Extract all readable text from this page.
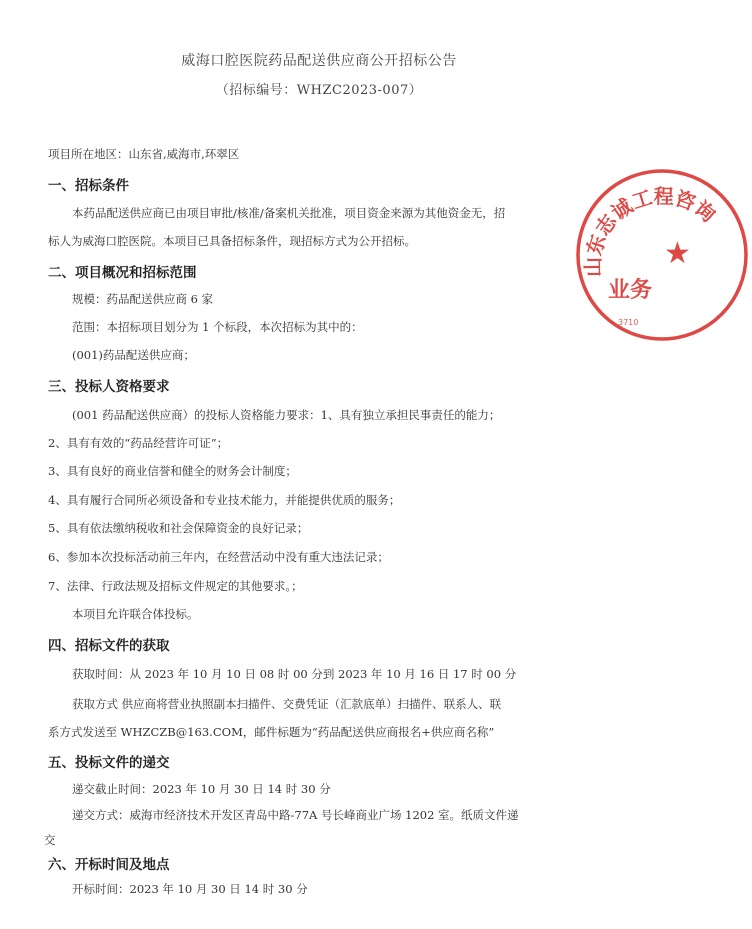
威海口腔医院药品配送供应商公开招标公告
（招标编号：WHZC2023-007）
项目所在地区：山东省,威海市,环翠区
一、招标条件
本药品配送供应商已由项目审批/核准/备案机关批准，项目资金来源为其他资金无，招
标人为威海口腔医院。本项目已具备招标条件，现招标方式为公开招标。
二、项目概况和招标范围
规模：药品配送供应商 6 家
范围：本招标项目划分为 1 个标段，本次招标为其中的：
(001)药品配送供应商；
三、投标人资格要求
(001 药品配送供应商）的投标人资格能力要求：1、具有独立承担民事责任的能力；
2、具有有效的“药品经营许可证”；
3、具有良好的商业信誉和健全的财务会计制度；
4、具有履行合同所必须设备和专业技术能力，并能提供优质的服务；
5、具有依法缴纳税收和社会保障资金的良好记录；
6、参加本次投标活动前三年内，在经营活动中没有重大违法记录；
7、法律、行政法规及招标文件规定的其他要求。；
本项目允许联合体投标。
四、招标文件的获取
获取时间：从 2023 年 10 月 10 日 08 时 00 分到 2023 年 10 月 16 日 17 时 00 分
获取方式 供应商将营业执照副本扫描件、交费凭证（汇款底单）扫描件、联系人、联
系方式发送至 WHZCZB@163.COM，邮件标题为“药品配送供应商报名+供应商名称”
五、投标文件的递交
递交截止时间：2023 年 10 月 30 日 14 时 30 分
递交方式：威海市经济技术开发区青岛中路-77A 号长峰商业广场 1202 室。纸质文件递
交
六、开标时间及地点
开标时间：2023 年 10 月 30 日 14 时 30 分
山东志诚工程咨询
★
业务
3710
